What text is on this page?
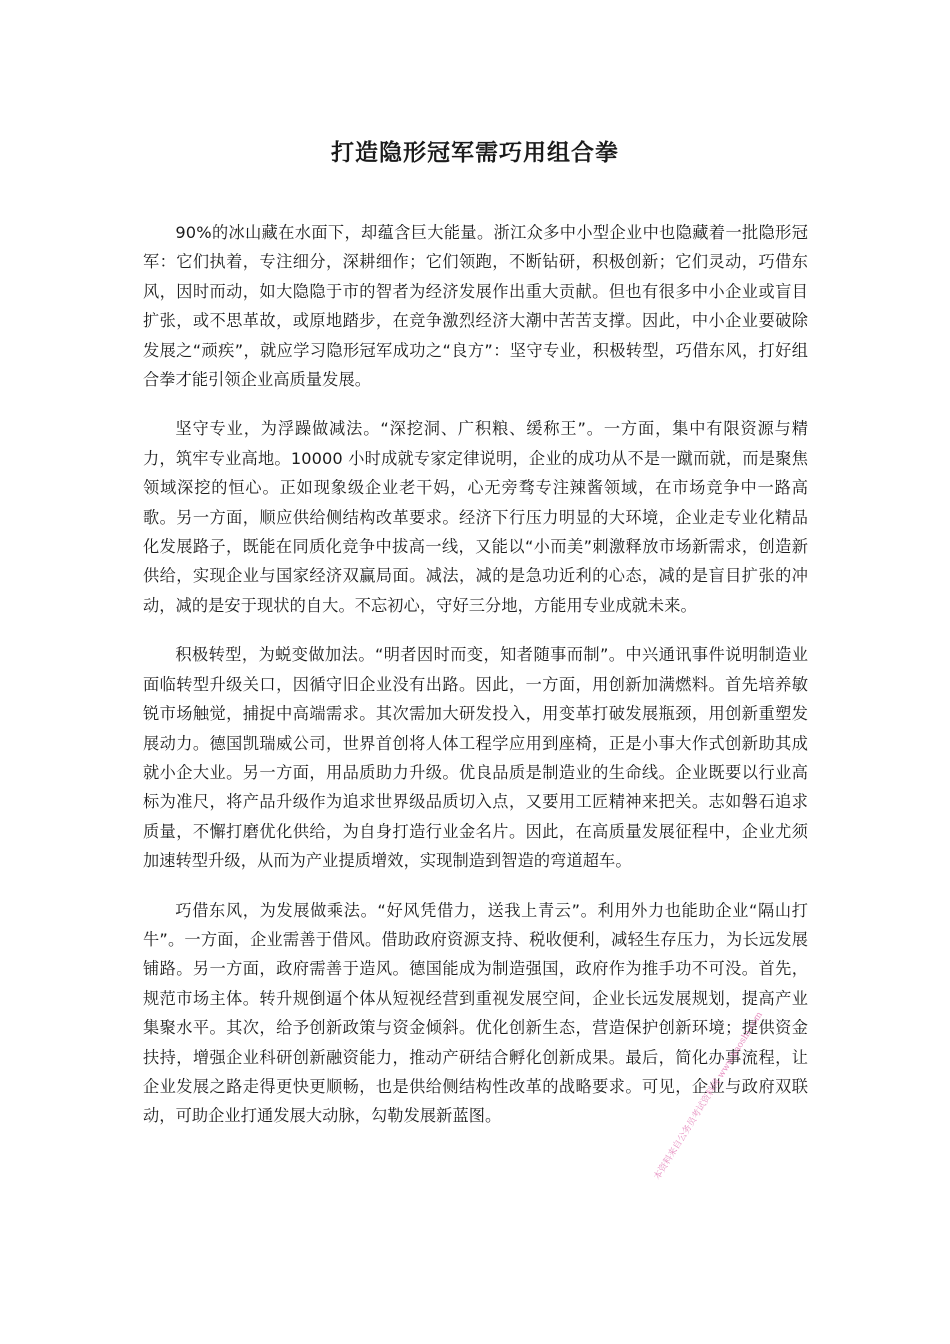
打造隐形冠军需巧用组合拳

90%的冰山藏在水面下，却蕴含巨大能量。浙江众多中小型企业中也隐藏着一批隐形冠军：它们执着，专注细分，深耕细作；它们领跑，不断钻研，积极创新；它们灵动，巧借东风，因时而动，如大隐隐于市的智者为经济发展作出重大贡献。但也有很多中小企业或盲目扩张，或不思革故，或原地踏步，在竞争激烈经济大潮中苦苦支撑。因此，中小企业要破除发展之“顽疾”，就应学习隐形冠军成功之“良方”：坚守专业，积极转型，巧借东风，打好组合拳才能引领企业高质量发展。

坚守专业，为浮躁做减法。“深挖洞、广积粮、缓称王”。一方面，集中有限资源与精力，筑牢专业高地。10000 小时成就专家定律说明，企业的成功从不是一蹴而就，而是聚焦领域深挖的恒心。正如现象级企业老干妈，心无旁骛专注辣酱领域，在市场竞争中一路高歌。另一方面，顺应供给侧结构改革要求。经济下行压力明显的大环境，企业走专业化精品化发展路子，既能在同质化竞争中拔高一线，又能以“小而美”刺激释放市场新需求，创造新供给，实现企业与国家经济双赢局面。减法，减的是急功近利的心态，减的是盲目扩张的冲动，减的是安于现状的自大。不忘初心，守好三分地，方能用专业成就未来。

积极转型，为蜕变做加法。“明者因时而变，知者随事而制”。中兴通讯事件说明制造业面临转型升级关口，因循守旧企业没有出路。因此，一方面，用创新加满燃料。首先培养敏锐市场触觉，捕捉中高端需求。其次需加大研发投入，用变革打破发展瓶颈，用创新重塑发展动力。德国凯瑞威公司，世界首创将人体工程学应用到座椅，正是小事大作式创新助其成就小企大业。另一方面，用品质助力升级。优良品质是制造业的生命线。企业既要以行业高标为准尺，将产品升级作为追求世界级品质切入点，又要用工匠精神来把关。志如磐石追求质量，不懈打磨优化供给，为自身打造行业金名片。因此，在高质量发展征程中，企业尤须加速转型升级，从而为产业提质增效，实现制造到智造的弯道超车。

巧借东风，为发展做乘法。“好风凭借力，送我上青云”。利用外力也能助企业“隔山打牛”。一方面，企业需善于借风。借助政府资源支持、税收便利，减轻生存压力，为长远发展铺路。另一方面，政府需善于造风。德国能成为制造强国，政府作为推手功不可没。首先，规范市场主体。转升规倒逼个体从短视经营到重视发展空间，企业长远发展规划，提高产业集聚水平。其次，给予创新政策与资金倾斜。优化创新生态，营造保护创新环境；提供资金扶持，增强企业科研创新融资能力，推动产研结合孵化创新成果。最后，简化办事流程，让企业发展之路走得更快更顺畅，也是供给侧结构性改革的战略要求。可见，企业与政府双联动，可助企业打通发展大动脉，勾勒发展新蓝图。	本资料来自公务员考试资料网 www.kaoshi.com
